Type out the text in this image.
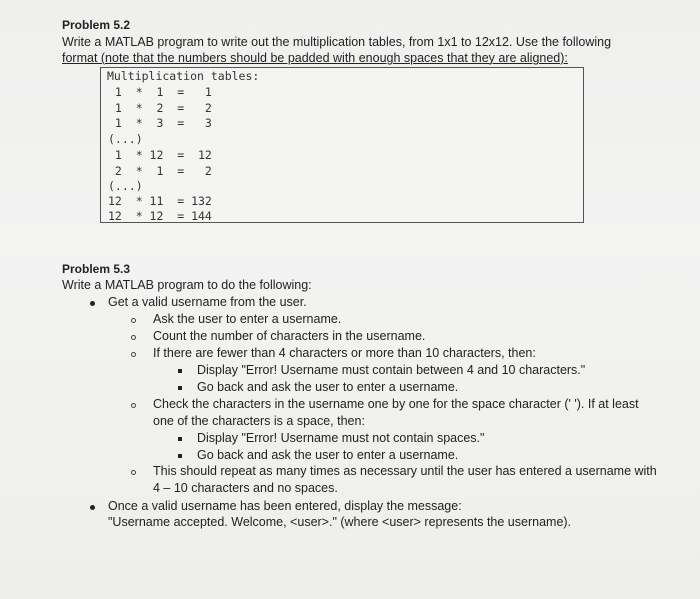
Problem 5.2
Write a MATLAB program to write out the multiplication tables, from 1x1 to 12x12. Use the following
format (note that the numbers should be padded with enough spaces that they are aligned):
Multiplication tables:
1  *  1  =   1
1  *  2  =   2
1  *  3  =   3
(...)
1  * 12  =  12
2  *  1  =   2
(...)
12  * 11  = 132
12  * 12  = 144
Problem 5.3
Write a MATLAB program to do the following:
Get a valid username from the user.
Ask the user to enter a username.
Count the number of characters in the username.
If there are fewer than 4 characters or more than 10 characters, then:
Display "Error! Username must contain between 4 and 10 characters."
Go back and ask the user to enter a username.
Check the characters in the username one by one for the space character (' '). If at least
one of the characters is a space, then:
Display "Error! Username must not contain spaces."
Go back and ask the user to enter a username.
This should repeat as many times as necessary until the user has entered a username with
4 – 10 characters and no spaces.
Once a valid username has been entered, display the message:
"Username accepted. Welcome, <user>." (where <user> represents the username).
